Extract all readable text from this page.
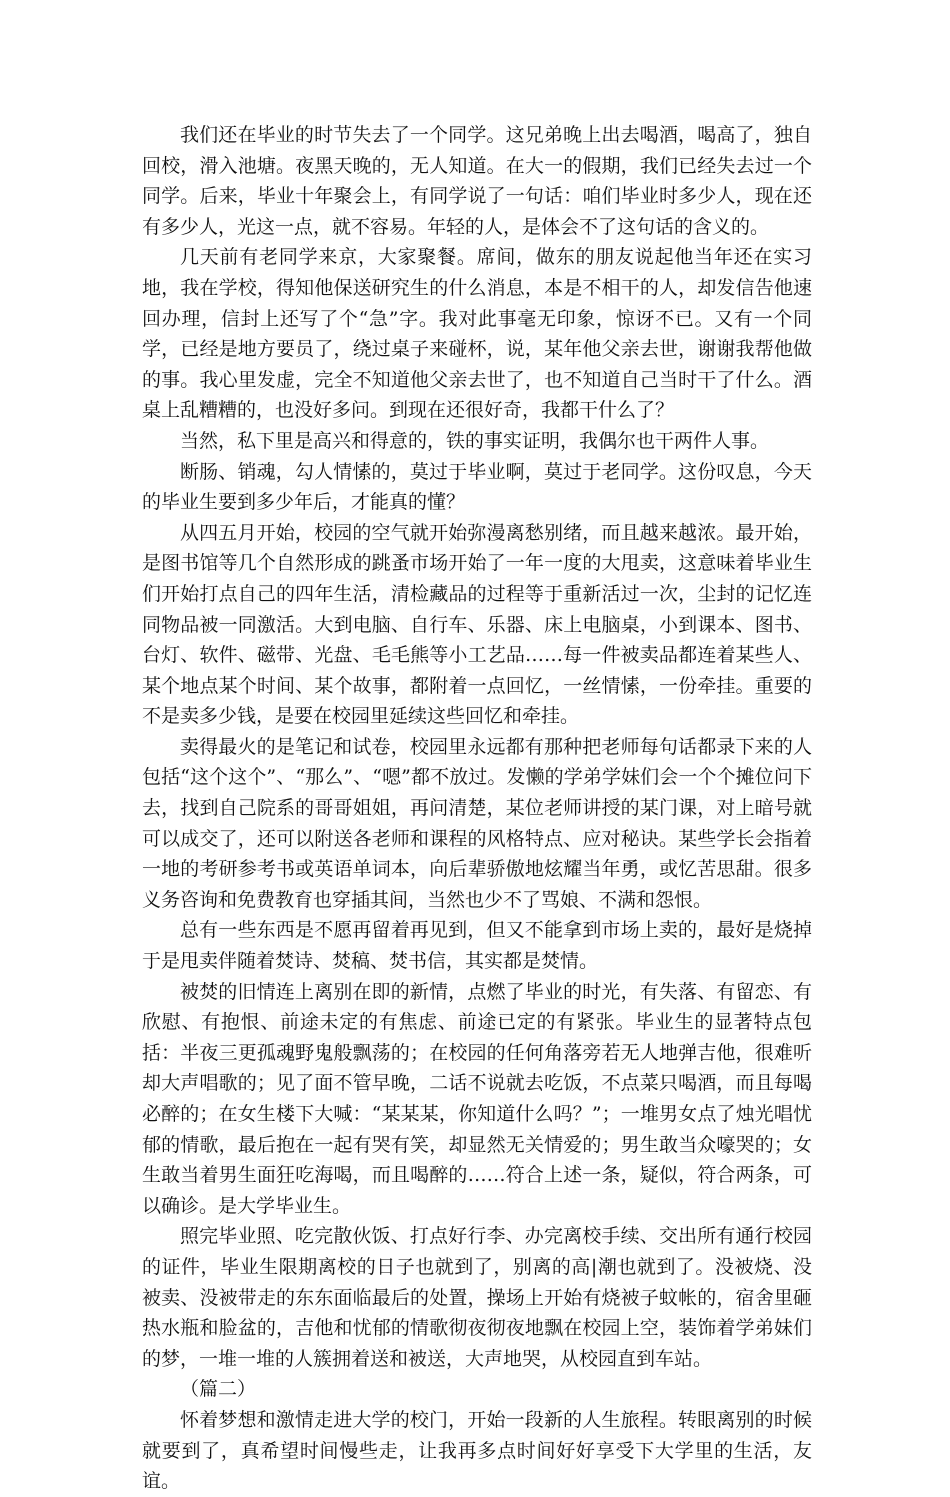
我们还在毕业的时节失去了一个同学。这兄弟晚上出去喝酒，喝高了，独自回校，滑入池塘。夜黑天晚的，无人知道。在大一的假期，我们已经失去过一个同学。后来，毕业十年聚会上，有同学说了一句话：咱们毕业时多少人，现在还有多少人，光这一点，就不容易。年轻的人，是体会不了这句话的含义的。

几天前有老同学来京，大家聚餐。席间，做东的朋友说起他当年还在实习地，我在学校，得知他保送研究生的什么消息，本是不相干的人，却发信告他速回办理，信封上还写了个“急”字。我对此事毫无印象，惊讶不已。又有一个同学，已经是地方要员了，绕过桌子来碰杯，说，某年他父亲去世，谢谢我帮他做的事。我心里发虚，完全不知道他父亲去世了，也不知道自己当时干了什么。酒桌上乱糟糟的，也没好多问。到现在还很好奇，我都干什么了？

当然，私下里是高兴和得意的，铁的事实证明，我偶尔也干两件人事。

断肠、销魂，勾人情愫的，莫过于毕业啊，莫过于老同学。这份叹息，今天的毕业生要到多少年后，才能真的懂？

从四五月开始，校园的空气就开始弥漫离愁别绪，而且越来越浓。最开始，是图书馆等几个自然形成的跳蚤市场开始了一年一度的大甩卖，这意味着毕业生们开始打点自己的四年生活，清检藏品的过程等于重新活过一次，尘封的记忆连同物品被一同激活。大到电脑、自行车、乐器、床上电脑桌，小到课本、图书、台灯、软件、磁带、光盘、毛毛熊等小工艺品……每一件被卖品都连着某些人、某个地点某个时间、某个故事，都附着一点回忆，一丝情愫，一份牵挂。重要的不是卖多少钱，是要在校园里延续这些回忆和牵挂。

卖得最火的是笔记和试卷，校园里永远都有那种把老师每句话都录下来的人包括“这个这个”、“那么”、“嗯”都不放过。发懒的学弟学妹们会一个个摊位问下去，找到自己院系的哥哥姐姐，再问清楚，某位老师讲授的某门课，对上暗号就可以成交了，还可以附送各老师和课程的风格特点、应对秘诀。某些学长会指着一地的考研参考书或英语单词本，向后辈骄傲地炫耀当年勇，或忆苦思甜。很多义务咨询和免费教育也穿插其间，当然也少不了骂娘、不满和怨恨。

总有一些东西是不愿再留着再见到，但又不能拿到市场上卖的，最好是烧掉于是甩卖伴随着焚诗、焚稿、焚书信，其实都是焚情。

被焚的旧情连上离别在即的新情，点燃了毕业的时光，有失落、有留恋、有欣慰、有抱恨、前途未定的有焦虑、前途已定的有紧张。毕业生的显著特点包括：半夜三更孤魂野鬼般飘荡的；在校园的任何角落旁若无人地弹吉他，很难听却大声唱歌的；见了面不管早晚，二话不说就去吃饭，不点菜只喝酒，而且每喝必醉的；在女生楼下大喊：“某某某，你知道什么吗？”；一堆男女点了烛光唱忧郁的情歌，最后抱在一起有哭有笑，却显然无关情爱的；男生敢当众嚎哭的；女生敢当着男生面狂吃海喝，而且喝醉的……符合上述一条，疑似，符合两条，可以确诊。是大学毕业生。

照完毕业照、吃完散伙饭、打点好行李、办完离校手续、交出所有通行校园的证件，毕业生限期离校的日子也就到了，别离的高|潮也就到了。没被烧、没被卖、没被带走的东东面临最后的处置，操场上开始有烧被子蚊帐的，宿舍里砸热水瓶和脸盆的，吉他和忧郁的情歌彻夜彻夜地飘在校园上空，装饰着学弟妹们的梦，一堆一堆的人簇拥着送和被送，大声地哭，从校园直到车站。

（篇二）

怀着梦想和激情走进大学的校门，开始一段新的人生旅程。转眼离别的时候就要到了，真希望时间慢些走，让我再多点时间好好享受下大学里的生活，友谊。
